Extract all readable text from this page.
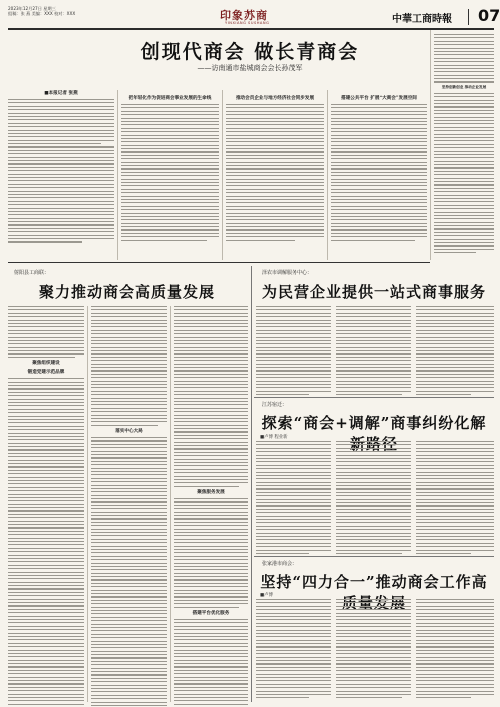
2023年12月27日 星期三
组稿：张 燕 美编：XXX 校对：XXX	印象苏商
YINXIANG SUSHANG	中華工商時報 07
创现代商会 做长青商会
——访南通市盐城商会会长孙茂军
■本报记者 张燕
把年轻化作为促进商会事业发展的生命线	推动会员企业与地方经济社会同步发展	搭建公共平台 扩展“大商会”发展空间
坚持创新创业 推动企业发展
射阳县工商联：
聚力推动商会高质量发展
聚焦组织建设
锻造党建示范品牌
落实中心大局
聚焦服务发展
搭建平台优化服务
泽农市调解服务中心：
为民营企业提供一站式商事服务
江苏宿迁：
探索“商会+调解”商事纠纷化解
■卢博 程业新
张家港市商会：
坚持“四力合一”推动商会工作高
■卢博
